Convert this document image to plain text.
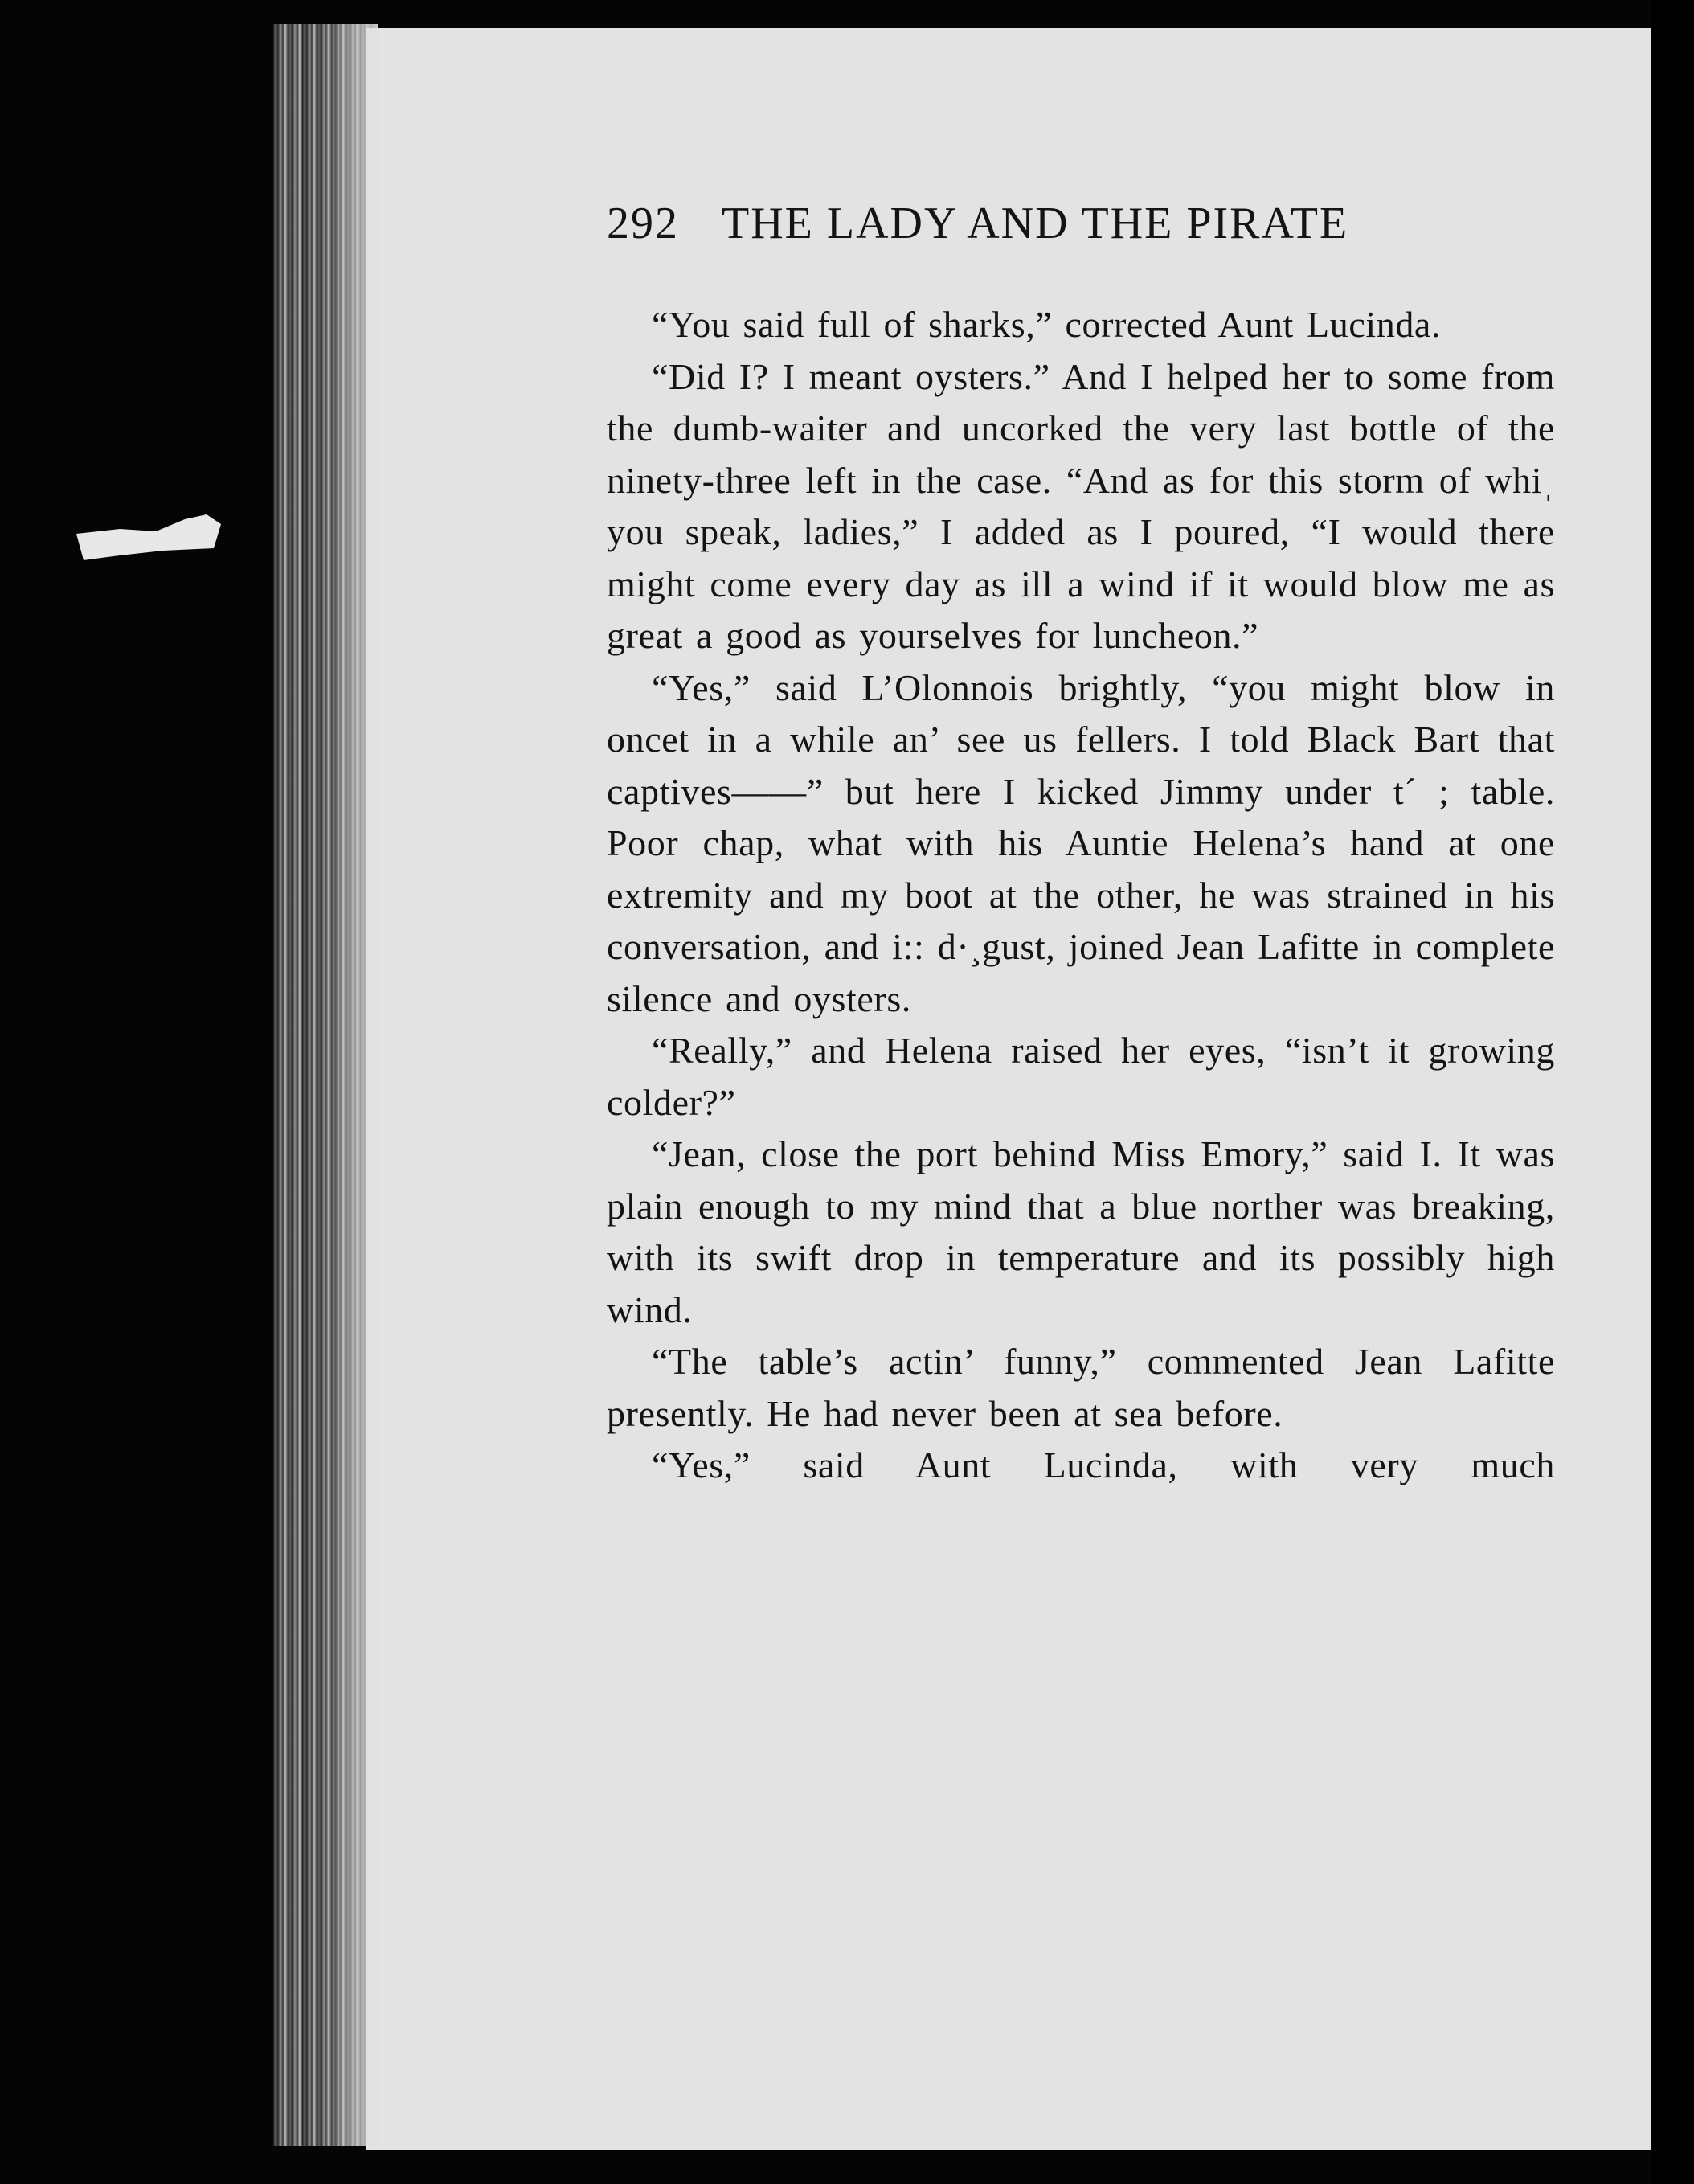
292 THE LADY AND THE PIRATE

“You said full of sharks,” corrected Aunt Lucinda.

“Did I? I meant oysters.” And I helped her to some from the dumb-waiter and uncorked the very last bottle of the ninety-three left in the case. “And as for this storm of whiˌ you speak, ladies,” I added as I poured, “I would there might come every day as ill a wind if it would blow me as great a good as yourselves for luncheon.”

“Yes,” said L’Olonnois brightly, “you might blow in oncet in a while an’ see us fellers. I told Black Bart that captives——” but here I kicked Jimmy under t´ ; table. Poor chap, what with his Auntie Helena’s hand at one extremity and my boot at the other, he was strained in his conversation, and i:: d·¸gust, joined Jean Lafitte in complete silence and oysters.

“Really,” and Helena raised her eyes, “isn’t it growing colder?”

“Jean, close the port behind Miss Emory,” said I. It was plain enough to my mind that a blue norther was breaking, with its swift drop in temperature and its possibly high wind.

“The table’s actin’ funny,” commented Jean Lafitte presently. He had never been at sea before.

“Yes,” said Aunt Lucinda, with very much
